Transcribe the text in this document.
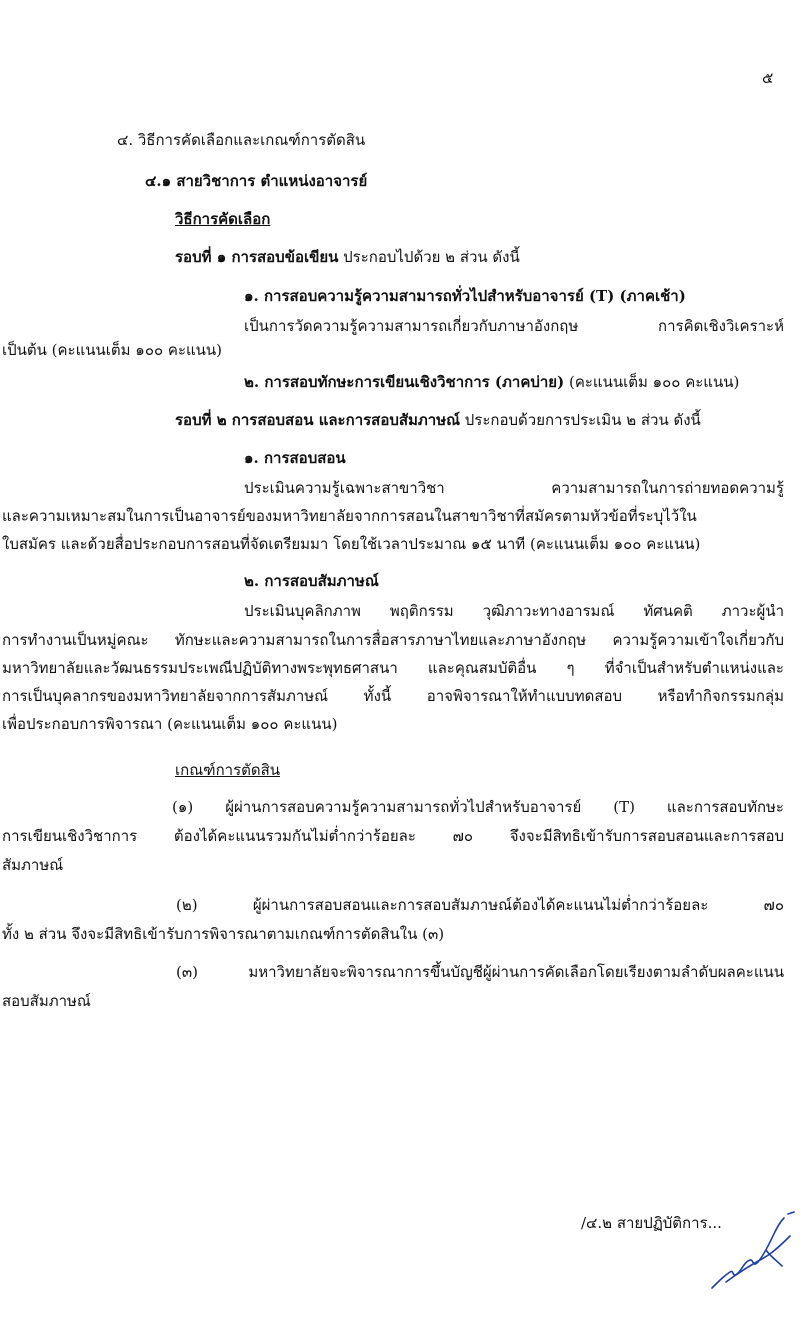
๕
๔. วิธีการคัดเลือกและเกณฑ์การตัดสิน
๔.๑ สายวิชาการ ตำแหน่งอาจารย์
วิธีการคัดเลือก
รอบที่ ๑ การสอบข้อเขียน ประกอบไปด้วย ๒ ส่วน ดังนี้
๑. การสอบความรู้ความสามารถทั่วไปสำหรับอาจารย์ (T) (ภาคเช้า)
เป็นการวัดความรู้ความสามารถเกี่ยวกับภาษาอังกฤษ การคิดเชิงวิเคราะห์
เป็นต้น (คะแนนเต็ม ๑๐๐ คะแนน)
๒. การสอบทักษะการเขียนเชิงวิชาการ (ภาคบ่าย) (คะแนนเต็ม ๑๐๐ คะแนน)
รอบที่ ๒ การสอบสอน และการสอบสัมภาษณ์ ประกอบด้วยการประเมิน ๒ ส่วน ดังนี้
๑. การสอบสอน
ประเมินความรู้เฉพาะสาขาวิชา ความสามารถในการถ่ายทอดความรู้
และความเหมาะสมในการเป็นอาจารย์ของมหาวิทยาลัยจากการสอนในสาขาวิชาที่สมัครตามหัวข้อที่ระบุไว้ใน
ใบสมัคร และด้วยสื่อประกอบการสอนที่จัดเตรียมมา โดยใช้เวลาประมาณ ๑๕ นาที (คะแนนเต็ม ๑๐๐ คะแนน)
๒. การสอบสัมภาษณ์
ประเมินบุคลิกภาพ พฤติกรรม วุฒิภาวะทางอารมณ์ ทัศนคติ ภาวะผู้นำ
การทำงานเป็นหมู่คณะ ทักษะและความสามารถในการสื่อสารภาษาไทยและภาษาอังกฤษ ความรู้ความเข้าใจเกี่ยวกับ
มหาวิทยาลัยและวัฒนธรรมประเพณีปฏิบัติทางพระพุทธศาสนา และคุณสมบัติอื่น ๆ ที่จำเป็นสำหรับตำแหน่งและ
การเป็นบุคลากรของมหาวิทยาลัยจากการสัมภาษณ์ ทั้งนี้ อาจพิจารณาให้ทำแบบทดสอบ หรือทำกิจกรรมกลุ่ม
เพื่อประกอบการพิจารณา (คะแนนเต็ม ๑๐๐ คะแนน)
เกณฑ์การตัดสิน
(๑) ผู้ผ่านการสอบความรู้ความสามารถทั่วไปสำหรับอาจารย์ (T) และการสอบทักษะ
การเขียนเชิงวิชาการ ต้องได้คะแนนรวมกันไม่ต่ำกว่าร้อยละ ๗๐ จึงจะมีสิทธิเข้ารับการสอบสอนและการสอบ
สัมภาษณ์
(๒) ผู้ผ่านการสอบสอนและการสอบสัมภาษณ์ต้องได้คะแนนไม่ต่ำกว่าร้อยละ ๗๐
ทั้ง ๒ ส่วน จึงจะมีสิทธิเข้ารับการพิจารณาตามเกณฑ์การตัดสินใน (๓)
(๓) มหาวิทยาลัยจะพิจารณาการขึ้นบัญชีผู้ผ่านการคัดเลือกโดยเรียงตามลำดับผลคะแนน
สอบสัมภาษณ์
/๔.๒ สายปฏิบัติการ...
